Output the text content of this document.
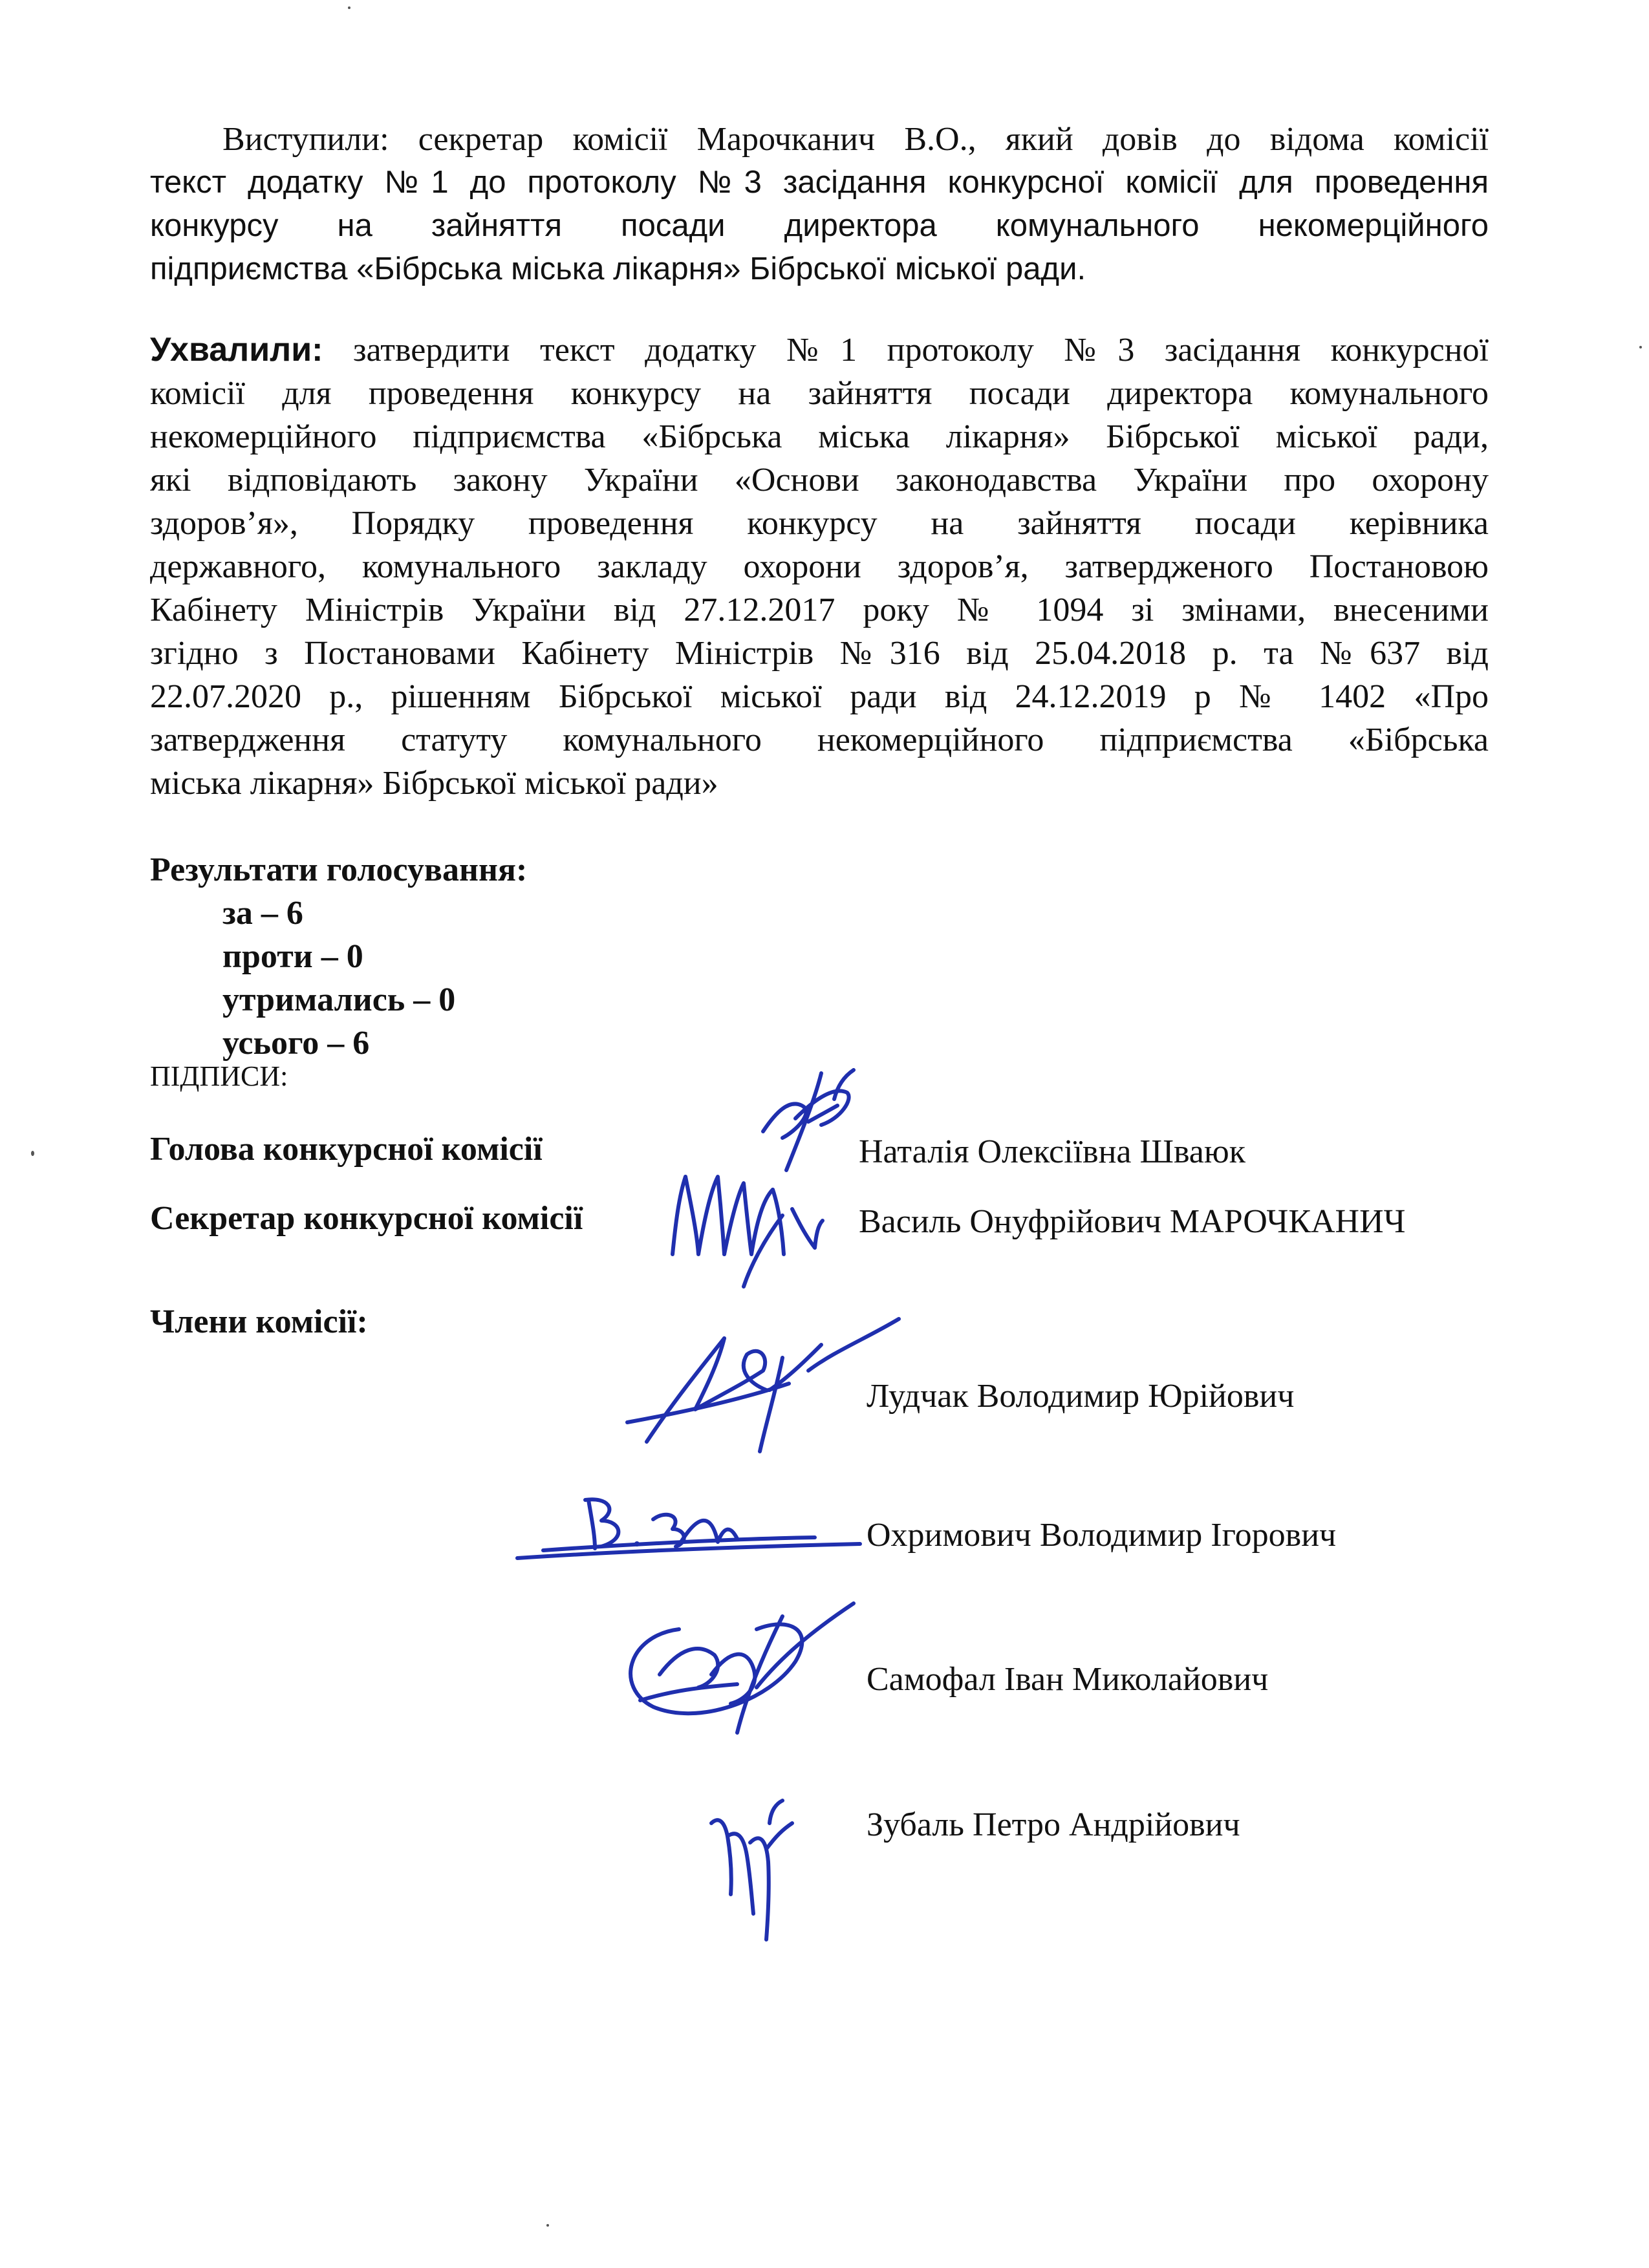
Виступили: секретар комісії Марочканич В.О., який довів до відома комісії
текст додатку №1 до протоколу №3 засідання конкурсної комісії для проведення
конкурсу на зайняття посади директора комунального некомерційного
підприємства «Бібрська міська лікарня» Бібрської міської ради.
Ухвалили: затвердити текст додатку №1 протоколу №3 засідання конкурсної
комісії для проведення конкурсу на зайняття посади директора комунального
некомерційного підприємства «Бібрська міська лікарня» Бібрської міської ради,
які відповідають закону України «Основи законодавства України про охорону
здоров’я», Порядку проведення конкурсу на зайняття посади керівника
державного, комунального закладу охорони здоров’я, затвердженого Постановою
Кабінету Міністрів України від 27.12.2017 року № 1094 зі змінами, внесеними
згідно з Постановами Кабінету Міністрів №316 від 25.04.2018 р. та №637 від
22.07.2020 р., рішенням Бібрської міської ради від 24.12.2019 р № 1402 «Про
затвердження статуту комунального некомерційного підприємства «Бібрська
міська лікарня» Бібрської міської ради»
Результати голосування:
за – 6
проти – 0
утримались – 0
усього – 6
ПІДПИСИ:
Голова конкурсної комісії	Наталія Олексіївна Шваюк
Секретар конкурсної комісії	Василь Онуфрійович МАРОЧКАНИЧ
Члени комісії:
Лудчак Володимир Юрійович
Охримович Володимир Ігорович
Самофал Іван Миколайович
Зубаль Петро Андрійович
